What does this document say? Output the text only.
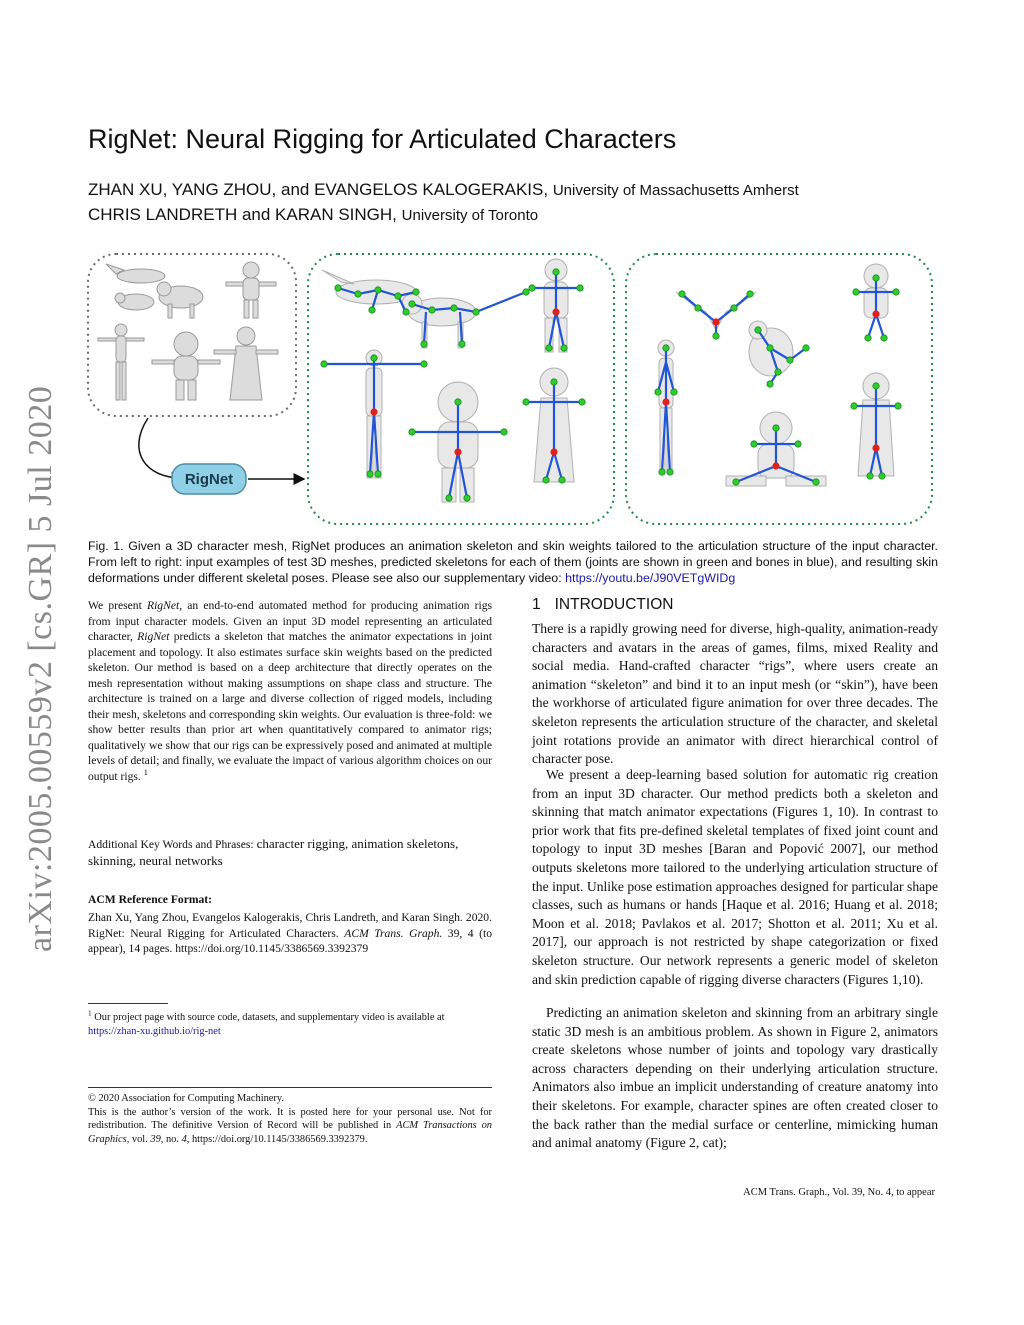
arXiv:2005.00559v2 [cs.GR] 5 Jul 2020
RigNet: Neural Rigging for Articulated Characters
ZHAN XU, YANG ZHOU, and EVANGELOS KALOGERAKIS, University of Massachusetts Amherst
CHRIS LANDRETH and KARAN SINGH, University of Toronto
RigNet
Fig. 1. Given a 3D character mesh, RigNet produces an animation skeleton and skin weights tailored to the articulation structure of the input character. From left to right: input examples of test 3D meshes, predicted skeletons for each of them (joints are shown in green and bones in blue), and resulting skin deformations under different skeletal poses. Please see also our supplementary video: https://youtu.be/J90VETgWIDg
We present RigNet, an end-to-end automated method for producing animation rigs from input character models. Given an input 3D model representing an articulated character, RigNet predicts a skeleton that matches the animator expectations in joint placement and topology. It also estimates surface skin weights based on the predicted skeleton. Our method is based on a deep architecture that directly operates on the mesh representation without making assumptions on shape class and structure. The architecture is trained on a large and diverse collection of rigged models, including their mesh, skeletons and corresponding skin weights. Our evaluation is three-fold: we show better results than prior art when quantitatively compared to animator rigs; qualitatively we show that our rigs can be expressively posed and animated at multiple levels of detail; and finally, we evaluate the impact of various algorithm choices on our output rigs. $^1$
Additional Key Words and Phrases: character rigging, animation skeletons, skinning, neural networks
ACM Reference Format:
Zhan Xu, Yang Zhou, Evangelos Kalogerakis, Chris Landreth, and Karan Singh. 2020. RigNet: Neural Rigging for Articulated Characters. ACM Trans. Graph. 39, 4 (to appear), 14 pages. https://doi.org/10.1145/3386569.3392379
$^1$ Our project page with source code, datasets, and supplementary video is available at https://zhan-xu.github.io/rig-net
© 2020 Association for Computing Machinery.
This is the author’s version of the work. It is posted here for your personal use. Not for redistribution. The definitive Version of Record will be published in ACM Transactions on Graphics, vol. 39, no. 4, https://doi.org/10.1145/3386569.3392379.
1 INTRODUCTION
There is a rapidly growing need for diverse, high-quality, animation-ready characters and avatars in the areas of games, films, mixed Reality and social media. Hand-crafted character “rigs”, where users create an animation “skeleton” and bind it to an input mesh (or “skin”), have been the workhorse of articulated figure animation for over three decades. The skeleton represents the articulation structure of the character, and skeletal joint rotations provide an animator with direct hierarchical control of character pose.
We present a deep-learning based solution for automatic rig creation from an input 3D character. Our method predicts both a skeleton and skinning that match animator expectations (Figures 1, 10). In contrast to prior work that fits pre-defined skeletal templates of fixed joint count and topology to input 3D meshes [Baran and Popović 2007], our method outputs skeletons more tailored to the underlying articulation structure of the input. Unlike pose estimation approaches designed for particular shape classes, such as humans or hands [Haque et al. 2016; Huang et al. 2018; Moon et al. 2018; Pavlakos et al. 2017; Shotton et al. 2011; Xu et al. 2017], our approach is not restricted by shape categorization or fixed skeleton structure. Our network represents a generic model of skeleton and skin prediction capable of rigging diverse characters (Figures 1,10).
Predicting an animation skeleton and skinning from an arbitrary single static 3D mesh is an ambitious problem. As shown in Figure 2, animators create skeletons whose number of joints and topology vary drastically across characters depending on their underlying articulation structure. Animators also imbue an implicit understanding of creature anatomy into their skeletons. For example, character spines are often created closer to the back rather than the medial surface or centerline, mimicking human and animal anatomy (Figure 2, cat);
ACM Trans. Graph., Vol. 39, No. 4, to appear
